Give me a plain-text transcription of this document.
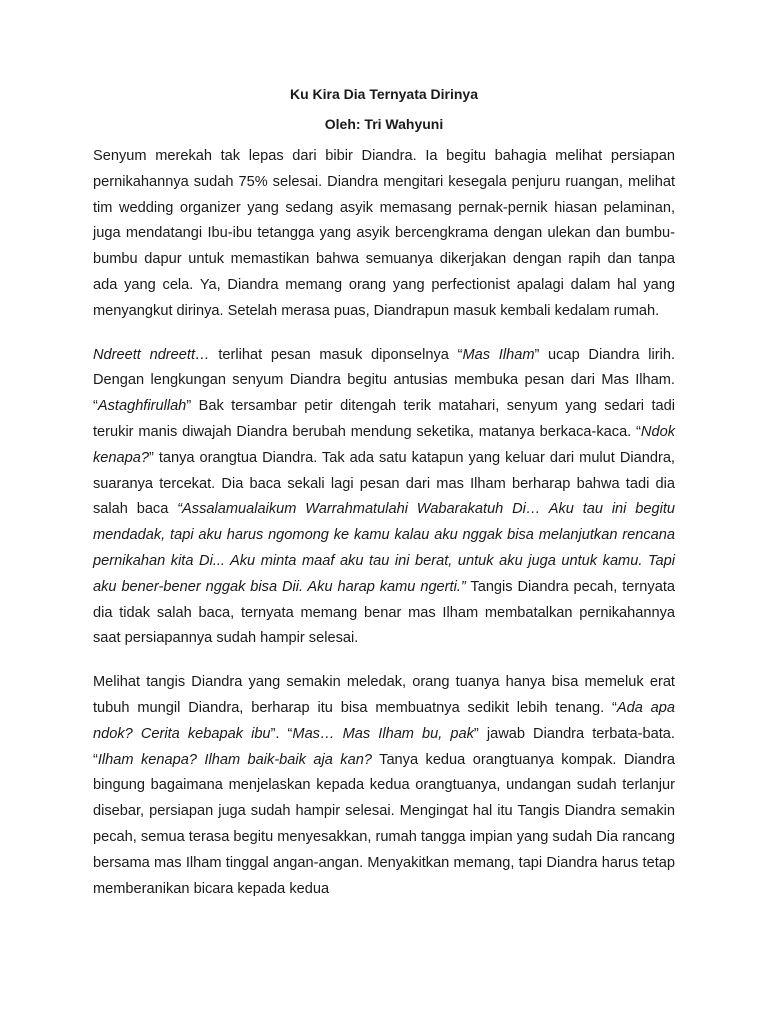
Ku Kira Dia Ternyata Dirinya

Oleh: Tri Wahyuni

Senyum merekah tak lepas dari bibir Diandra. Ia begitu bahagia melihat persiapan pernikahannya sudah 75% selesai. Diandra mengitari kesegala penjuru ruangan, melihat tim wedding organizer yang sedang asyik memasang pernak-pernik hiasan pelaminan, juga mendatangi Ibu-ibu tetangga yang asyik bercengkrama dengan ulekan dan bumbu-bumbu dapur untuk memastikan bahwa semuanya dikerjakan dengan rapih dan tanpa ada yang cela. Ya, Diandra memang orang yang perfectionist apalagi dalam hal yang menyangkut dirinya. Setelah merasa puas, Diandrapun masuk kembali kedalam rumah.

Ndreett ndreett… terlihat pesan masuk diponselnya “Mas Ilham” ucap Diandra lirih. Dengan lengkungan senyum Diandra begitu antusias membuka pesan dari Mas Ilham. “Astaghfirullah” Bak tersambar petir ditengah terik matahari, senyum yang sedari tadi terukir manis diwajah Diandra berubah mendung seketika, matanya berkaca-kaca. “Ndok kenapa?” tanya orangtua Diandra. Tak ada satu katapun yang keluar dari mulut Diandra, suaranya tercekat. Dia baca sekali lagi pesan dari mas Ilham berharap bahwa tadi dia salah baca “Assalamualaikum Warrahmatulahi Wabarakatuh Di… Aku tau ini begitu mendadak, tapi aku harus ngomong ke kamu kalau aku nggak bisa melanjutkan rencana pernikahan kita Di... Aku minta maaf aku tau ini berat, untuk aku juga untuk kamu. Tapi aku bener-bener nggak bisa Dii. Aku harap kamu ngerti.” Tangis Diandra pecah, ternyata dia tidak salah baca, ternyata memang benar mas Ilham membatalkan pernikahannya saat persiapannya sudah hampir selesai.

Melihat tangis Diandra yang semakin meledak, orang tuanya hanya bisa memeluk erat tubuh mungil Diandra, berharap itu bisa membuatnya sedikit lebih tenang. “Ada apa ndok? Cerita kebapak ibu”. “Mas… Mas Ilham bu, pak” jawab Diandra terbata-bata. “Ilham kenapa? Ilham baik-baik aja kan? Tanya kedua orangtuanya kompak. Diandra bingung bagaimana menjelaskan kepada kedua orangtuanya, undangan sudah terlanjur disebar, persiapan juga sudah hampir selesai. Mengingat hal itu Tangis Diandra semakin pecah, semua terasa begitu menyesakkan, rumah tangga impian yang sudah Dia rancang bersama mas Ilham tinggal angan-angan. Menyakitkan memang, tapi Diandra harus tetap memberanikan bicara kepada kedua
